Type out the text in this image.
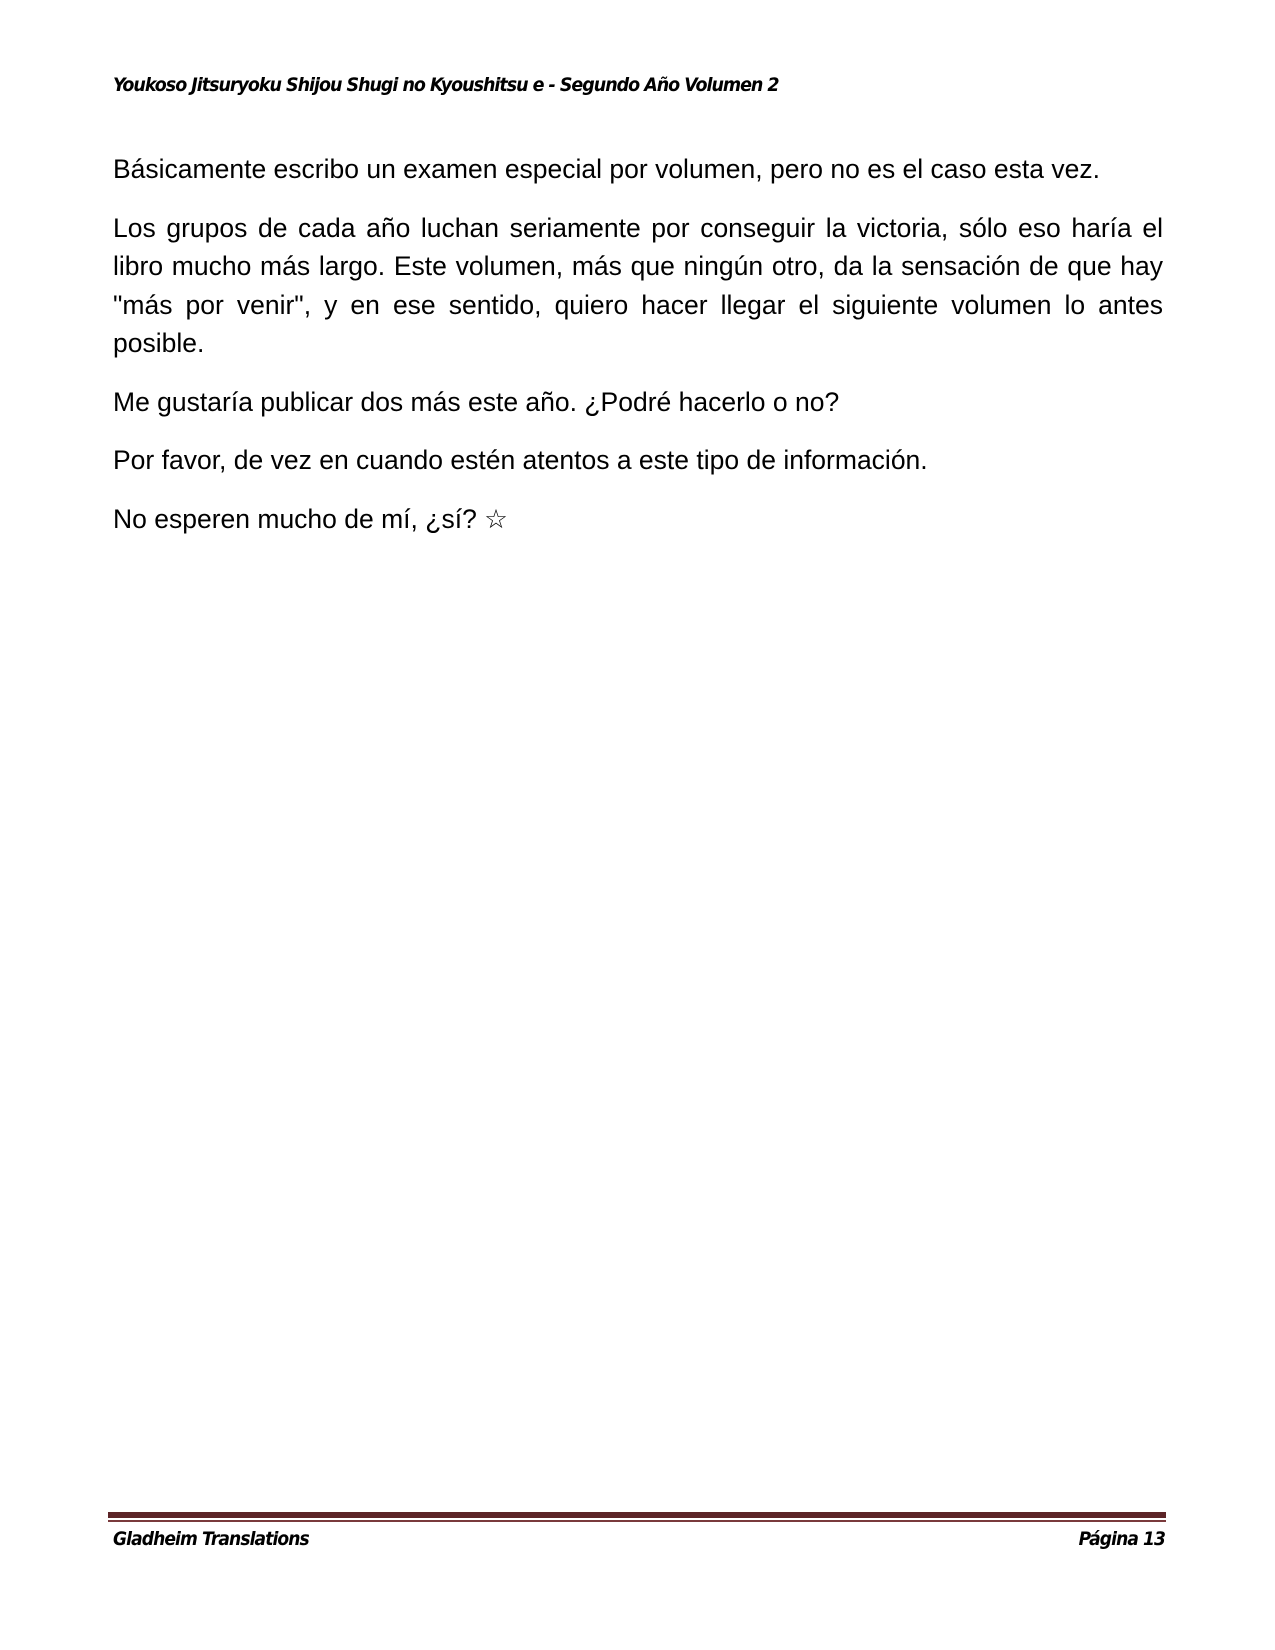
Youkoso Jitsuryoku Shijou Shugi no Kyoushitsu e - Segundo Año Volumen 2

Básicamente escribo un examen especial por volumen, pero no es el caso esta vez.

Los grupos de cada año luchan seriamente por conseguir la victoria, sólo eso haría el libro mucho más largo. Este volumen, más que ningún otro, da la sensación de que hay "más por venir", y en ese sentido, quiero hacer llegar el siguiente volumen lo antes posible.

Me gustaría publicar dos más este año. ¿Podré hacerlo o no?

Por favor, de vez en cuando estén atentos a este tipo de información.

No esperen mucho de mí, ¿sí? ☆

Gladheim Translations	Página 13
